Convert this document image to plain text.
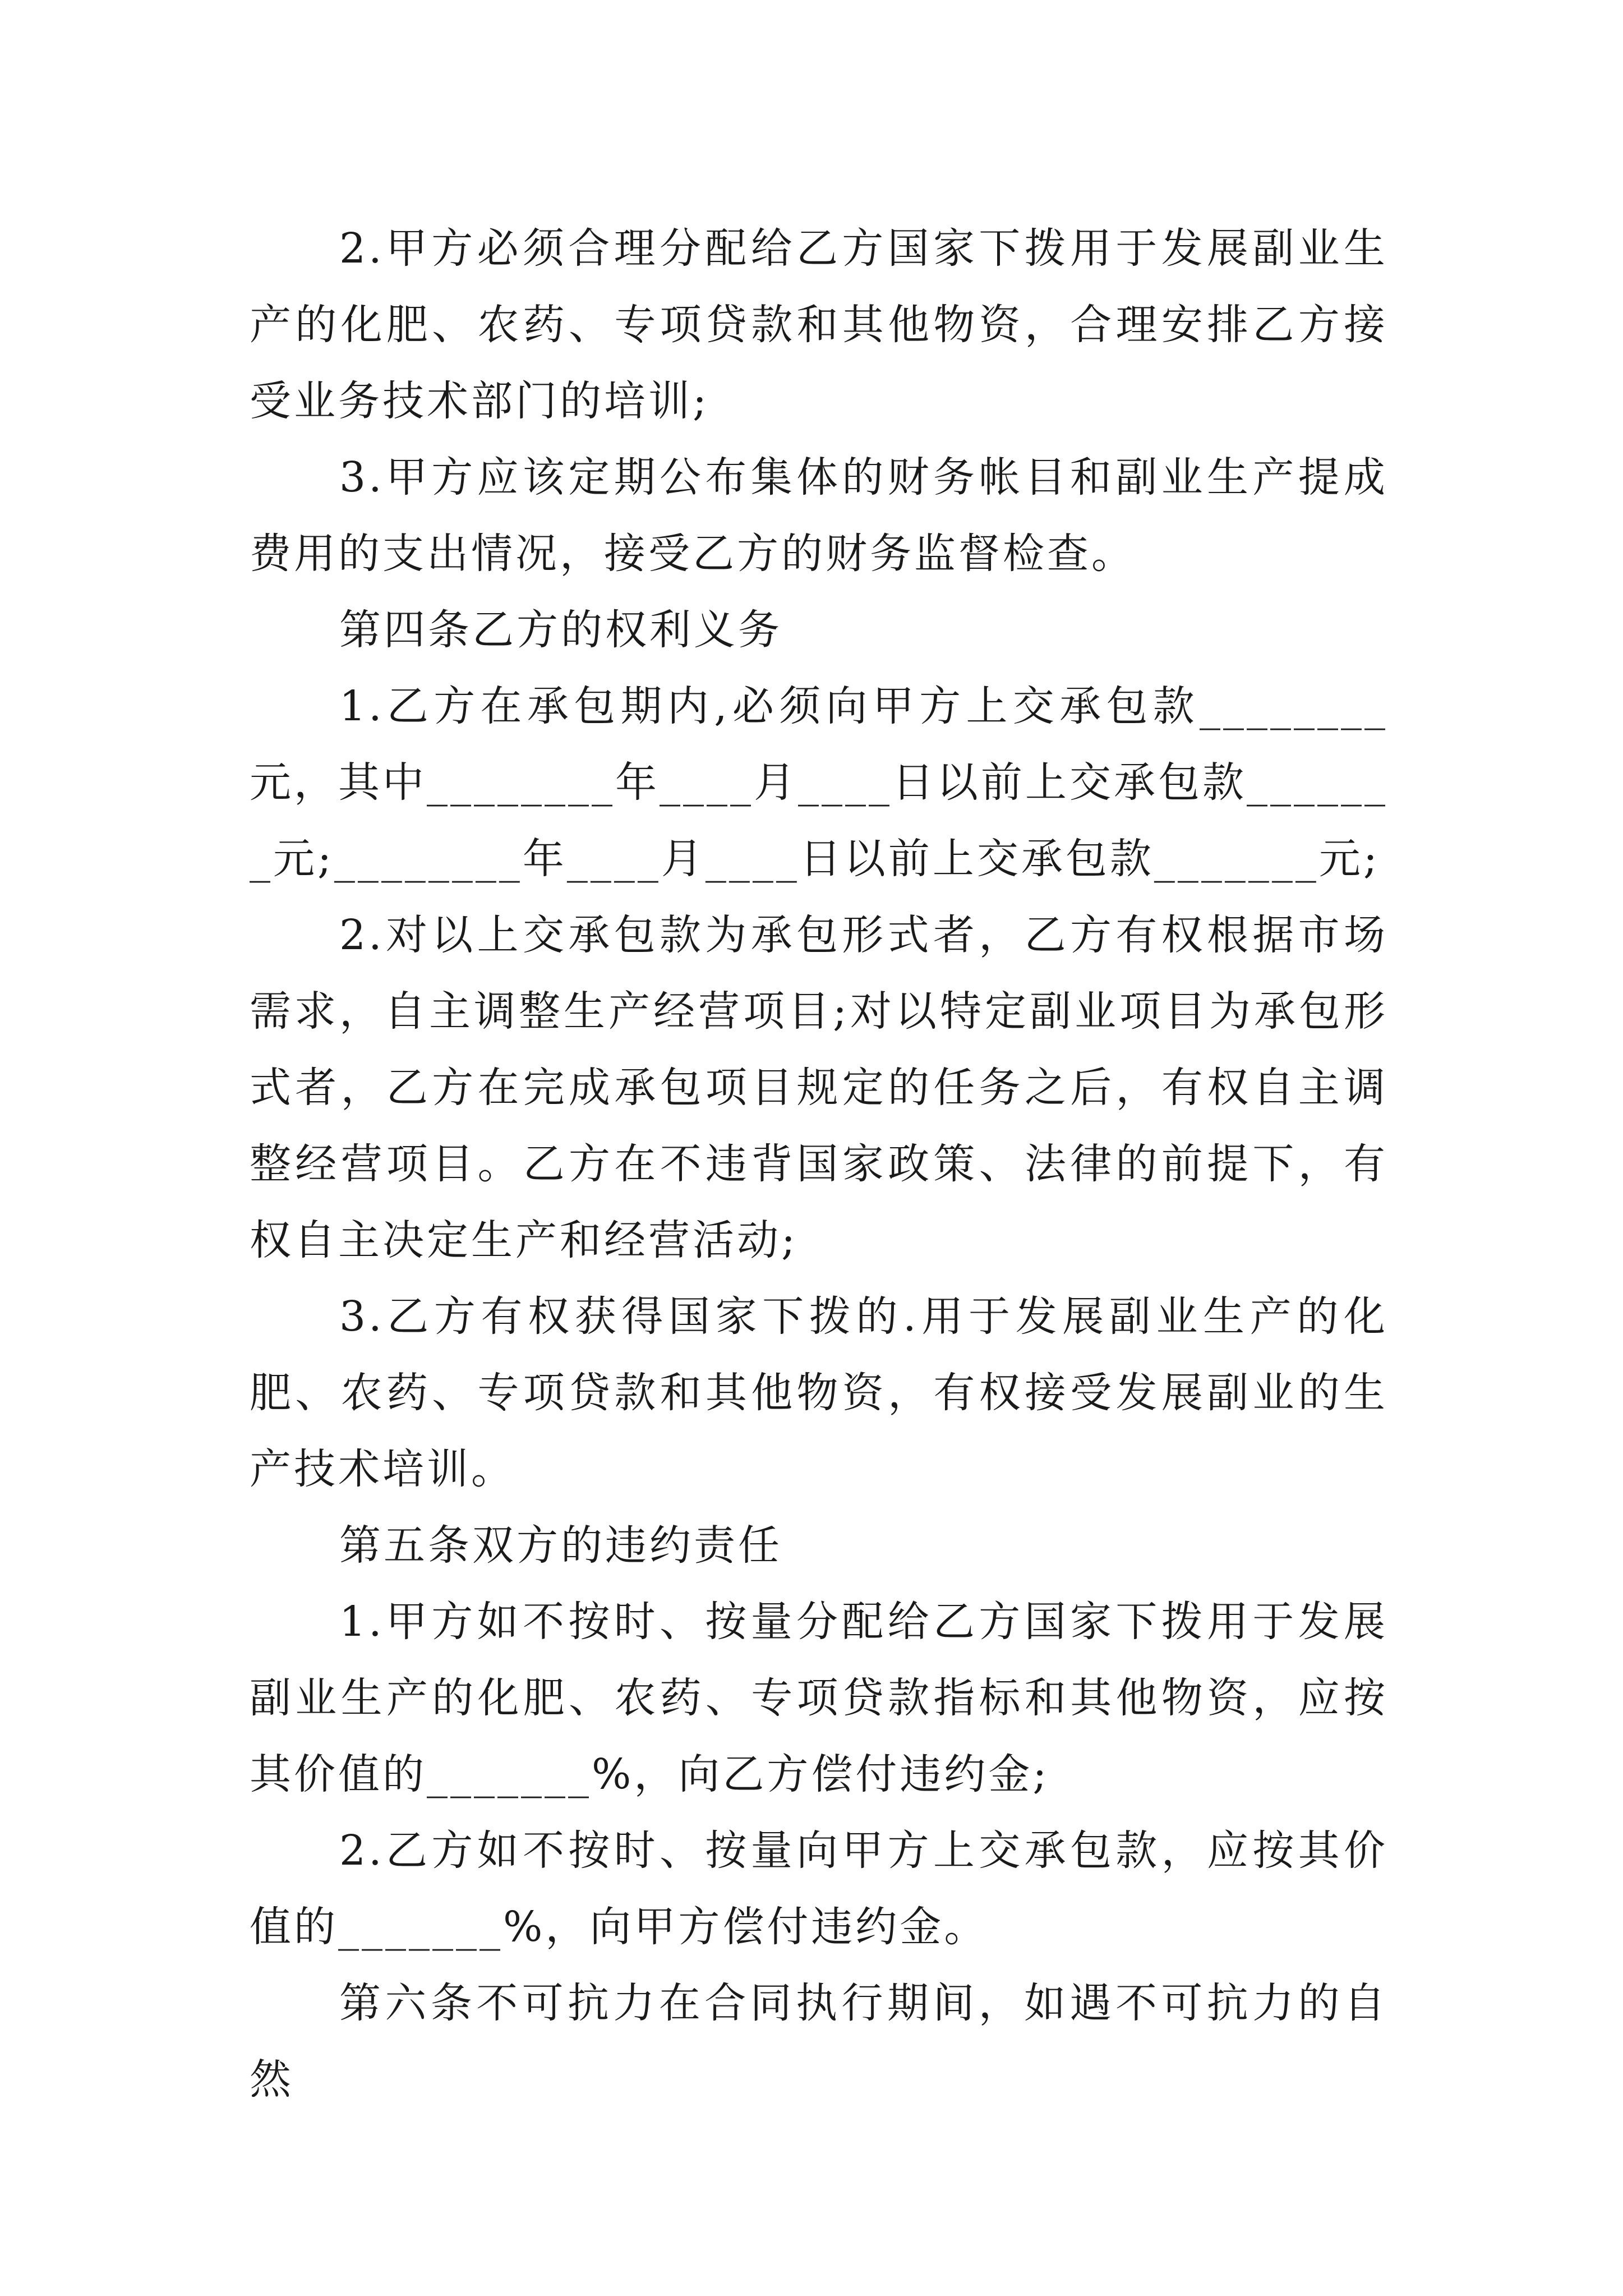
2.甲方必须合理分配给乙方国家下拨用于发展副业生产的化肥、农药、专项贷款和其他物资，合理安排乙方接受业务技术部门的培训;

3.甲方应该定期公布集体的财务帐目和副业生产提成费用的支出情况，接受乙方的财务监督检查。

第四条乙方的权利义务

1.乙方在承包期内,必须向甲方上交承包款________元，其中________年____月____日以前上交承包款_______元;________年____月____日以前上交承包款_______元;

2.对以上交承包款为承包形式者，乙方有权根据市场需求，自主调整生产经营项目;对以特定副业项目为承包形式者，乙方在完成承包项目规定的任务之后，有权自主调整经营项目。乙方在不违背国家政策、法律的前提下，有权自主决定生产和经营活动;

3.乙方有权获得国家下拨的.用于发展副业生产的化肥、农药、专项贷款和其他物资，有权接受发展副业的生产技术培训。

第五条双方的违约责任

1.甲方如不按时、按量分配给乙方国家下拨用于发展副业生产的化肥、农药、专项贷款指标和其他物资，应按其价值的_______%，向乙方偿付违约金;

2.乙方如不按时、按量向甲方上交承包款，应按其价值的_______%，向甲方偿付违约金。

第六条不可抗力在合同执行期间，如遇不可抗力的自然
